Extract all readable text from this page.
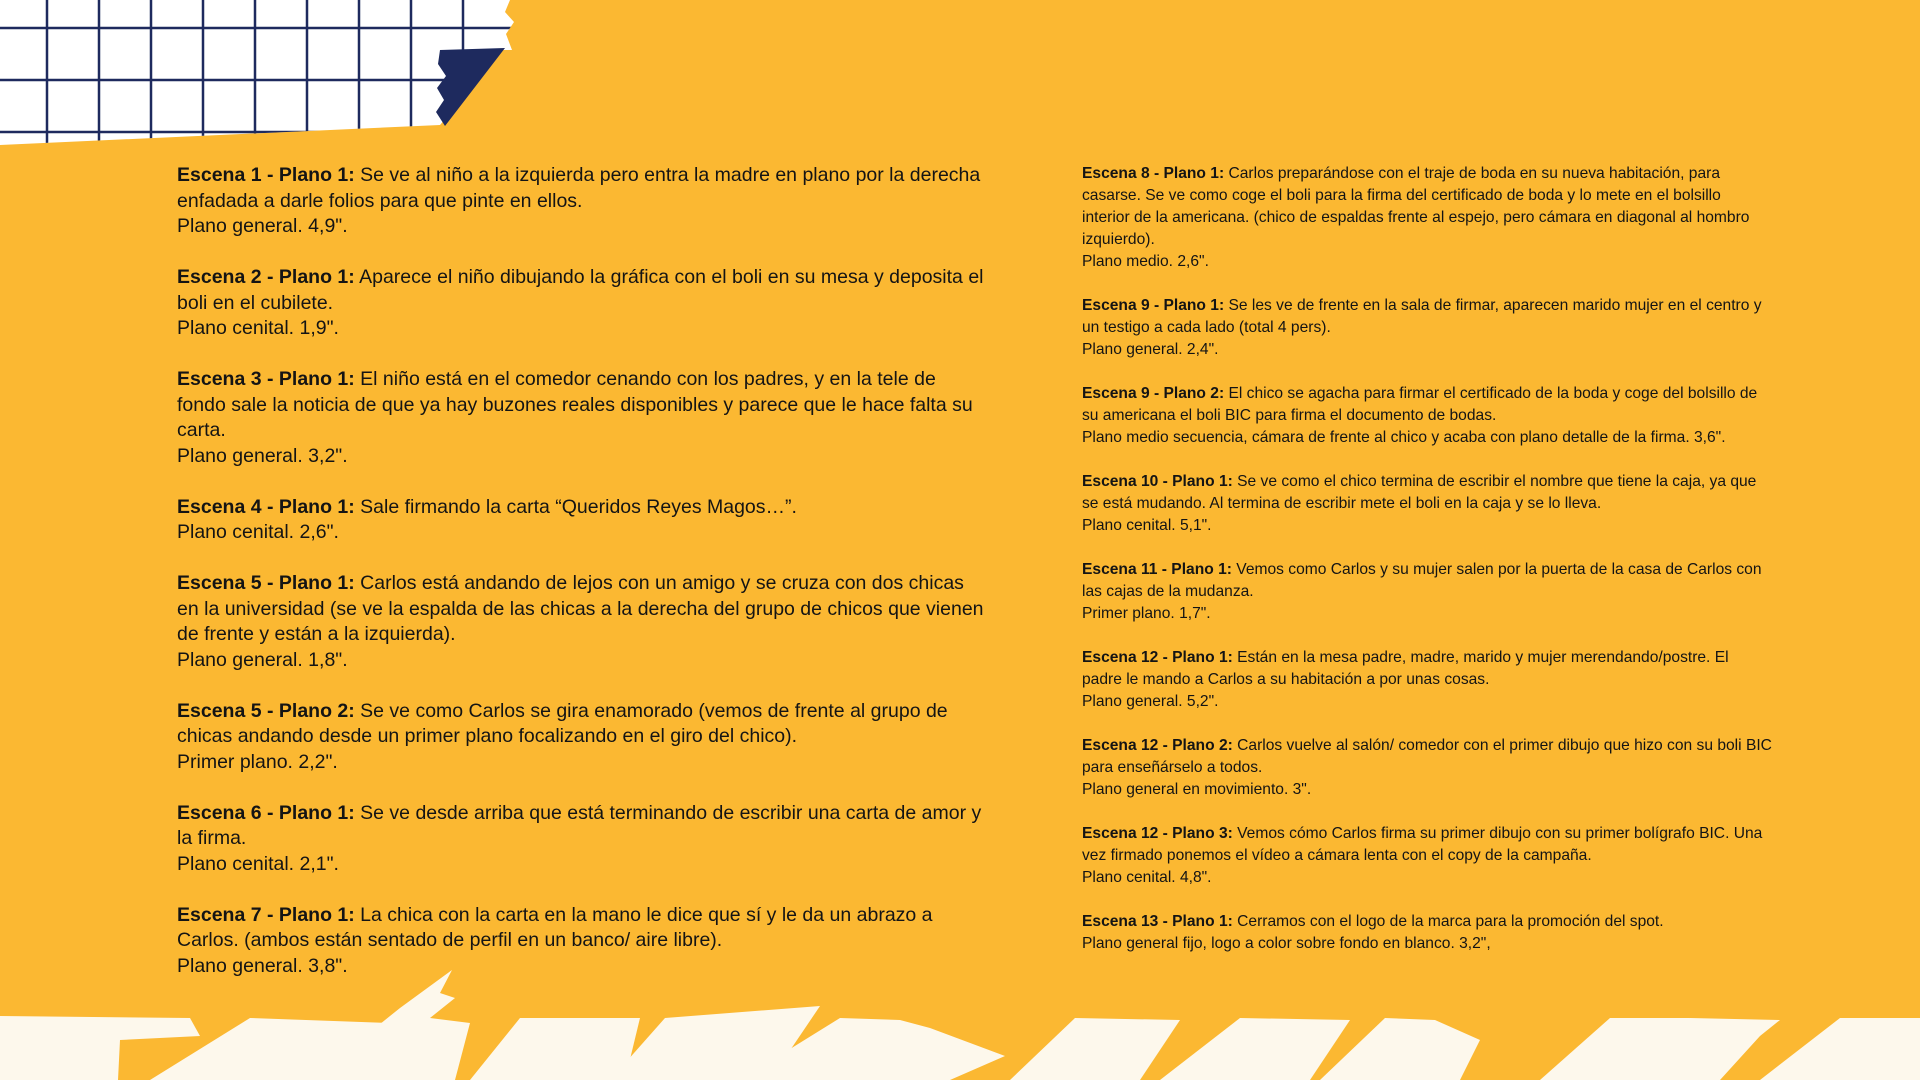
Escena 1 - Plano 1: Se ve al niño a la izquierda pero entra la madre en plano por la derecha enfadada a darle folios para que pinte en ellos.

Plano general. 4,9".

Escena 2 - Plano 1: Aparece el niño dibujando la gráfica con el boli en su mesa y deposita el boli en el cubilete.

Plano cenital. 1,9".

Escena 3 - Plano 1: El niño está en el comedor cenando con los padres, y en la tele de fondo sale la noticia de que ya hay buzones reales disponibles y parece que le hace falta su carta.

Plano general. 3,2".

Escena 4 - Plano 1: Sale firmando la carta “Queridos Reyes Magos…”.

Plano cenital. 2,6".

Escena 5 - Plano 1: Carlos está andando de lejos con un amigo y se cruza con dos chicas en la universidad (se ve la espalda de las chicas a la derecha del grupo de chicos que vienen de frente y están a la izquierda).

Plano general. 1,8".

Escena 5 - Plano 2: Se ve como Carlos se gira enamorado (vemos de frente al grupo de chicas andando desde un primer plano focalizando en el giro del chico).

Primer plano. 2,2".

Escena 6 - Plano 1: Se ve desde arriba que está terminando de escribir una carta de amor y la firma.

Plano cenital. 2,1".

Escena 7 - Plano 1: La chica con la carta en la mano le dice que sí y le da un abrazo a Carlos. (ambos están sentado de perfil en un banco/ aire libre).

Plano general. 3,8".

Escena 8 - Plano 1: Carlos preparándose con el traje de boda en su nueva habitación, para casarse. Se ve como coge el boli para la firma del certificado de boda y lo mete en el bolsillo interior de la americana. (chico de espaldas frente al espejo, pero cámara en diagonal al hombro izquierdo).

Plano medio. 2,6".

Escena 9 - Plano 1: Se les ve de frente en la sala de firmar, aparecen marido mujer en el centro y un testigo a cada lado (total 4 pers).

Plano general. 2,4".

Escena 9 - Plano 2: El chico se agacha para firmar el certificado de la boda y coge del bolsillo de su americana el boli BIC para firma el documento de bodas.

Plano medio secuencia, cámara de frente al chico y acaba con plano detalle de la firma. 3,6".

Escena 10 - Plano 1: Se ve como el chico termina de escribir el nombre que tiene la caja, ya que se está mudando. Al termina de escribir mete el boli en la caja y se lo lleva.

Plano cenital. 5,1".

Escena 11 - Plano 1: Vemos como Carlos y su mujer salen por la puerta de la casa de Carlos con las cajas de la mudanza.

Primer plano. 1,7".

Escena 12 - Plano 1: Están en la mesa padre, madre, marido y mujer merendando/postre. El padre le mando a Carlos a su habitación a por unas cosas.

Plano general. 5,2".

Escena 12 - Plano 2: Carlos vuelve al salón/ comedor con el primer dibujo que hizo con su boli BIC para enseñárselo a todos.

Plano general en movimiento. 3".

Escena 12 - Plano 3: Vemos cómo Carlos firma su primer dibujo con su primer bolígrafo BIC. Una vez firmado ponemos el vídeo a cámara lenta con el copy de la campaña.

Plano cenital. 4,8".

Escena 13 - Plano 1: Cerramos con el logo de la marca para la promoción del spot.

Plano general fijo, logo a color sobre fondo en blanco. 3,2",
